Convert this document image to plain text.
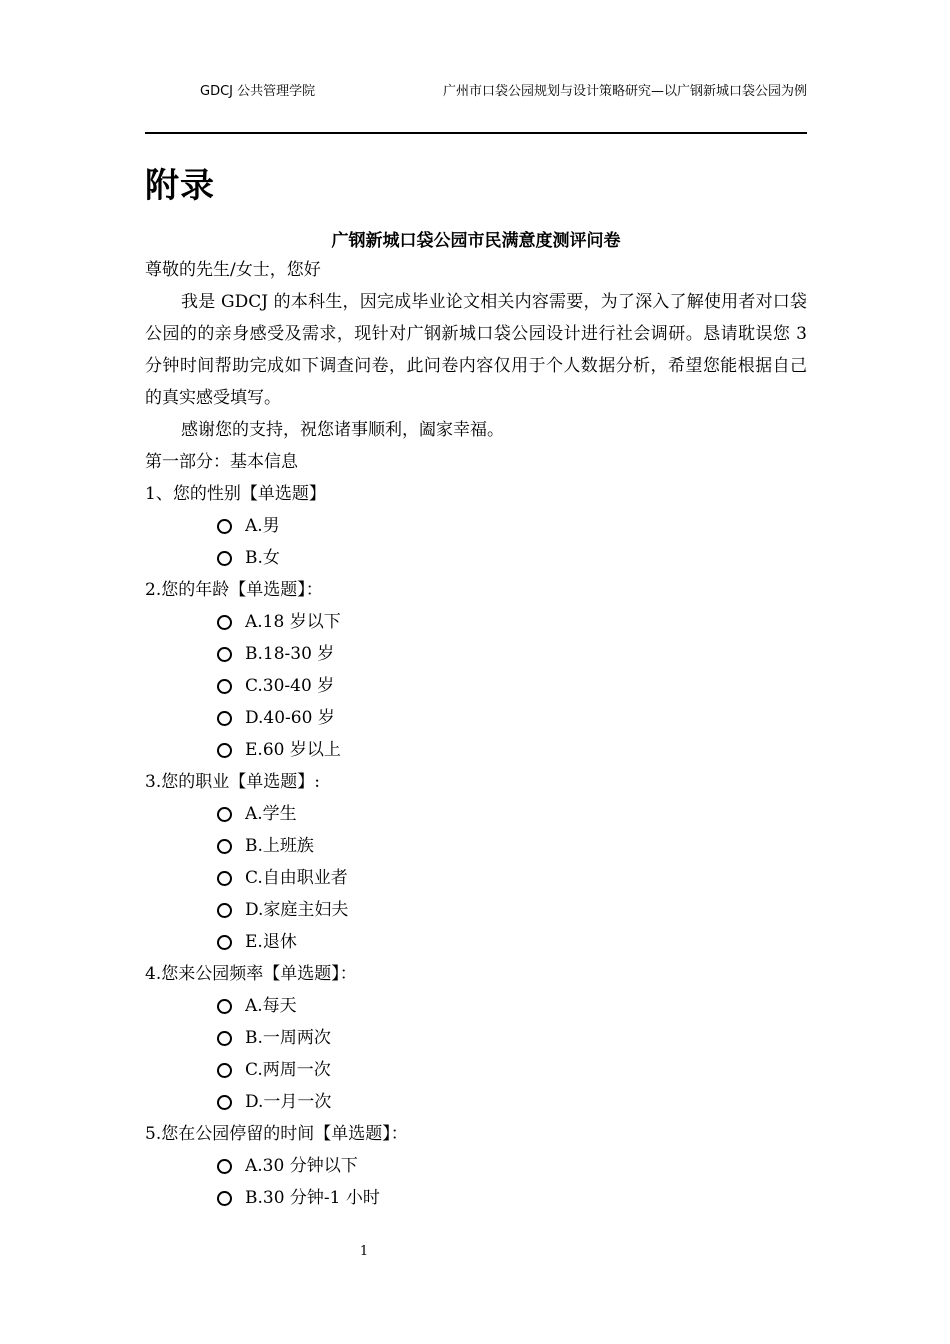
GDCJ 公共管理学院	广州市口袋公园规划与设计策略研究—以广钢新城口袋公园为例
附录
广钢新城口袋公园市民满意度测评问卷
尊敬的先生/女士，您好

我是 GDCJ 的本科生，因完成毕业论文相关内容需要，为了深入了解使用者对口袋公园的的亲身感受及需求，现针对广钢新城口袋公园设计进行社会调研。恳请耽误您 3 分钟时间帮助完成如下调查问卷，此问卷内容仅用于个人数据分析，希望您能根据自己的真实感受填写。

感谢您的支持，祝您诸事顺利，阖家幸福。

第一部分：基本信息
1、您的性别【单选题】
A.男
B.女
2.您的年龄【单选题】：
A.18 岁以下
B.18-30 岁
C.30-40 岁
D.40-60 岁
E.60 岁以上
3.您的职业【单选题】:
A.学生
B.上班族
C.自由职业者
D.家庭主妇夫
E.退休
4.您来公园频率【单选题】：
A.每天
B.一周两次
C.两周一次
D.一月一次
5.您在公园停留的时间【单选题】：
A.30 分钟以下
B.30 分钟-1 小时
1
